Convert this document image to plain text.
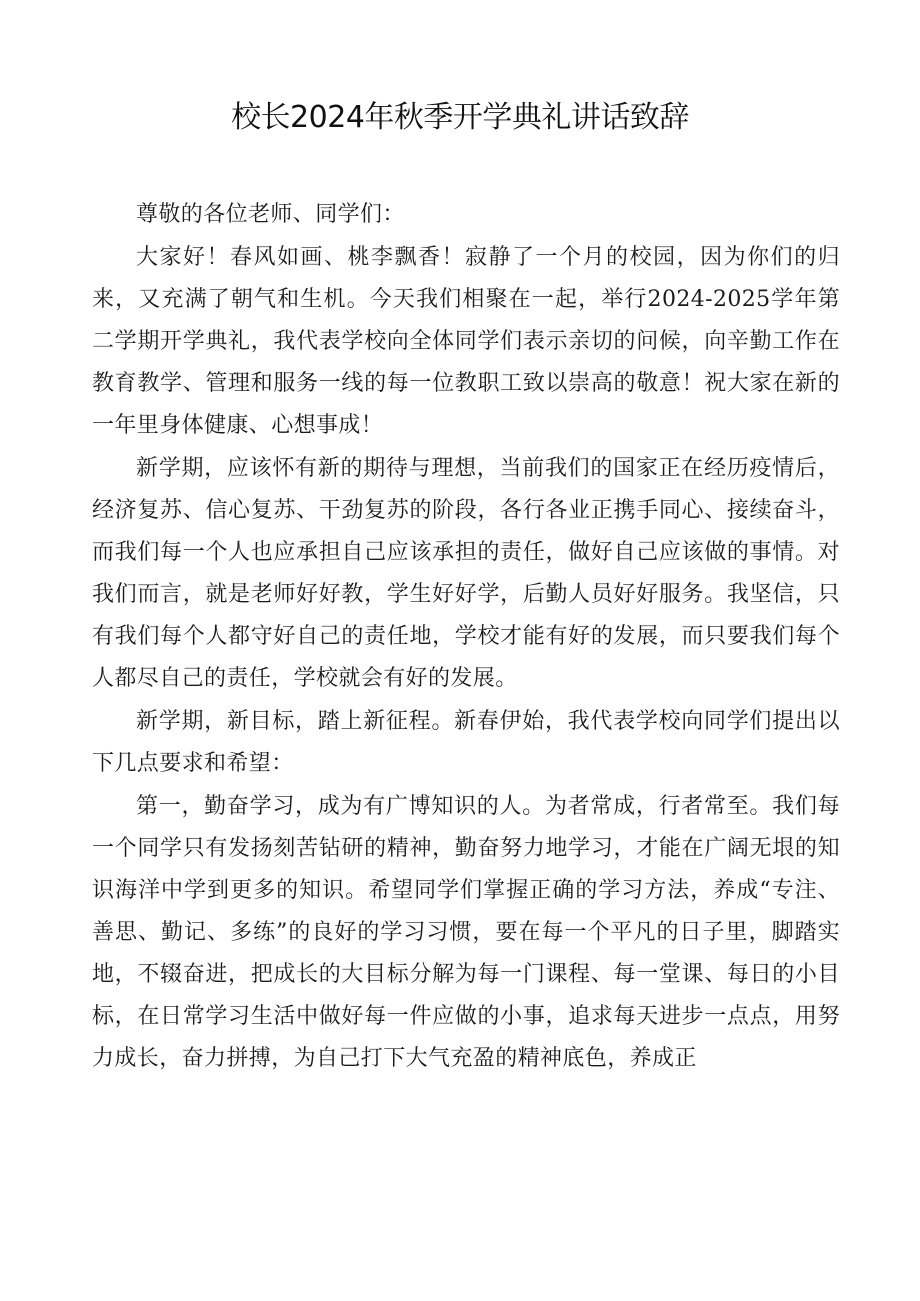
校长2024年秋季开学典礼讲话致辞

尊敬的各位老师、同学们：

大家好！春风如画、桃李飘香！寂静了一个月的校园，因为你们的归来，又充满了朝气和生机。今天我们相聚在一起，举行2024-2025学年第二学期开学典礼，我代表学校向全体同学们表示亲切的问候，向辛勤工作在教育教学、管理和服务一线的每一位教职工致以崇高的敬意！祝大家在新的一年里身体健康、心想事成！

新学期，应该怀有新的期待与理想，当前我们的国家正在经历疫情后，经济复苏、信心复苏、干劲复苏的阶段，各行各业正携手同心、接续奋斗，而我们每一个人也应承担自己应该承担的责任，做好自己应该做的事情。对我们而言，就是老师好好教，学生好好学，后勤人员好好服务。我坚信，只有我们每个人都守好自己的责任地，学校才能有好的发展，而只要我们每个人都尽自己的责任，学校就会有好的发展。

新学期，新目标，踏上新征程。新春伊始，我代表学校向同学们提出以下几点要求和希望：

第一，勤奋学习，成为有广博知识的人。为者常成，行者常至。我们每一个同学只有发扬刻苦钻研的精神，勤奋努力地学习，才能在广阔无垠的知识海洋中学到更多的知识。希望同学们掌握正确的学习方法，养成“专注、善思、勤记、多练”的良好的学习习惯，要在每一个平凡的日子里，脚踏实地，不辍奋进，把成长的大目标分解为每一门课程、每一堂课、每日的小目标，在日常学习生活中做好每一件应做的小事，追求每天进步一点点，用努力成长，奋力拼搏，为自己打下大气充盈的精神底色，养成正
